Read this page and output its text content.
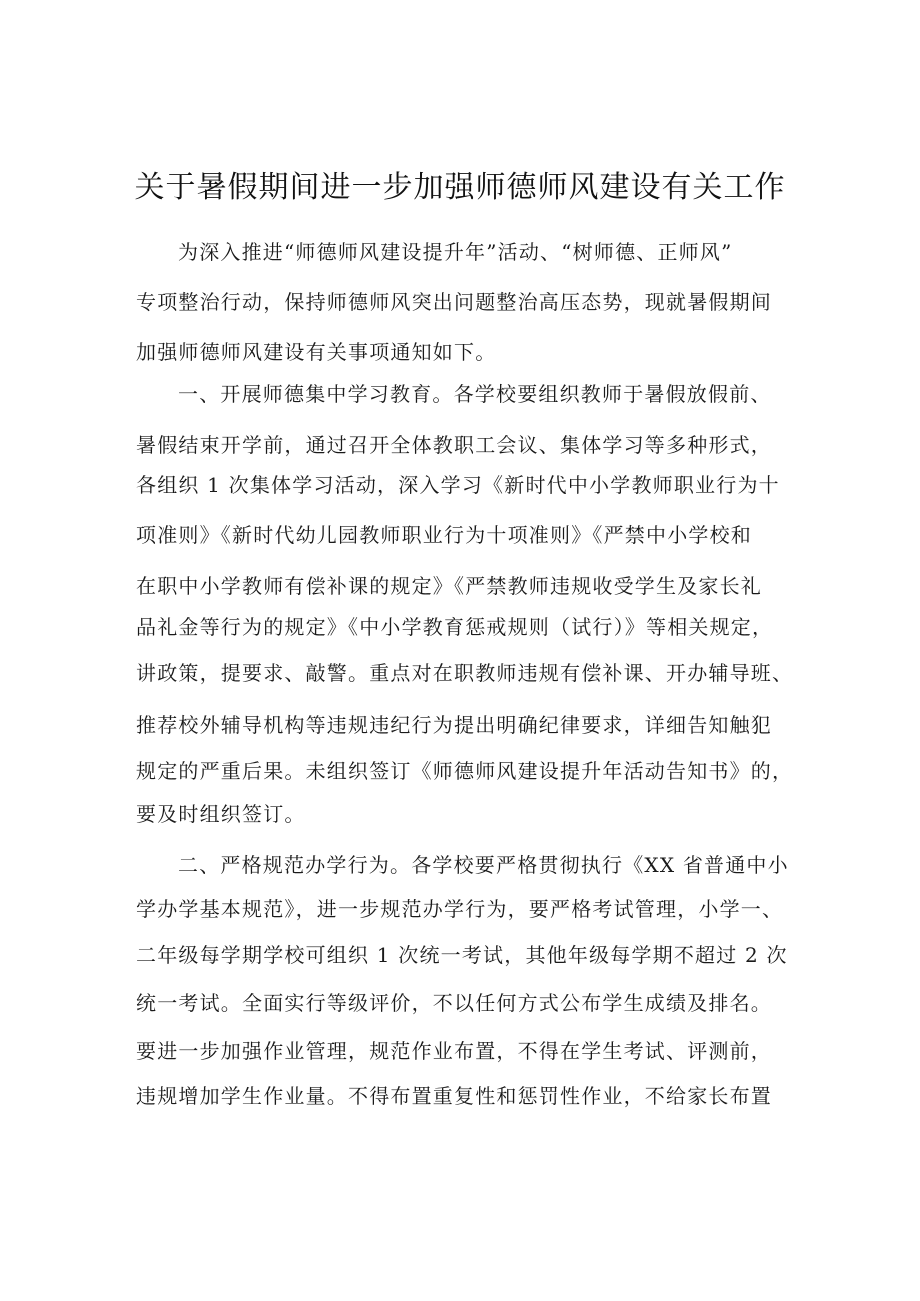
关于暑假期间进一步加强师德师风建设有关工作

为深入推进“师德师风建设提升年”活动、“树师德、正师风”

专项整治行动，保持师德师风突出问题整治高压态势，现就暑假期间

加强师德师风建设有关事项通知如下。

一、开展师德集中学习教育。各学校要组织教师于暑假放假前、

暑假结束开学前，通过召开全体教职工会议、集体学习等多种形式，

各组织 1 次集体学习活动，深入学习《新时代中小学教师职业行为十

项准则》《新时代幼儿园教师职业行为十项准则》《严禁中小学校和

在职中小学教师有偿补课的规定》《严禁教师违规收受学生及家长礼

品礼金等行为的规定》《中小学教育惩戒规则（试行）》等相关规定，

讲政策，提要求、敲警。重点对在职教师违规有偿补课、开办辅导班、

推荐校外辅导机构等违规违纪行为提出明确纪律要求，详细告知触犯

规定的严重后果。未组织签订《师德师风建设提升年活动告知书》的，

要及时组织签订。

二、严格规范办学行为。各学校要严格贯彻执行《XX 省普通中小

学办学基本规范》，进一步规范办学行为，要严格考试管理，小学一、

二年级每学期学校可组织 1 次统一考试，其他年级每学期不超过 2 次

统一考试。全面实行等级评价，不以任何方式公布学生成绩及排名。

要进一步加强作业管理，规范作业布置，不得在学生考试、评测前，

违规增加学生作业量。不得布置重复性和惩罚性作业，不给家长布置
